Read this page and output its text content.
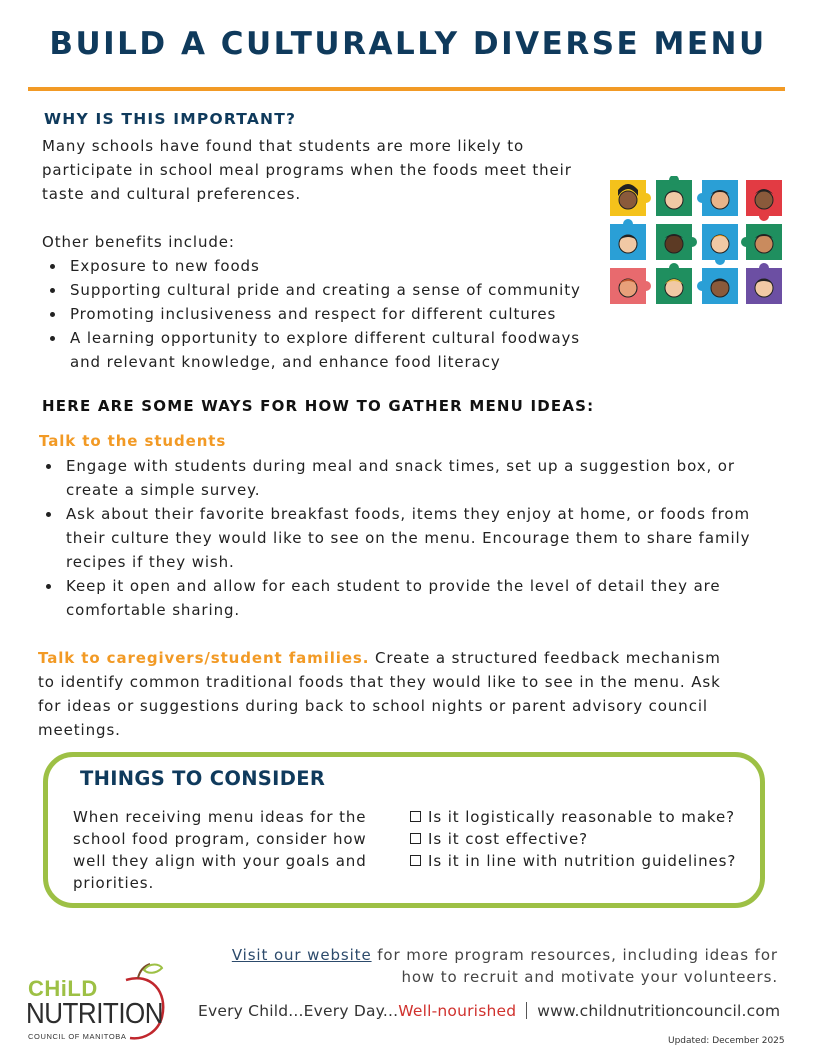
BUILD A CULTURALLY DIVERSE MENU
WHY IS THIS IMPORTANT?
Many schools have found that students are more likely to
participate in school meal programs when the foods meet their
taste and cultural preferences.
Other benefits include:
Exposure to new foods
Supporting cultural pride and creating a sense of community
Promoting inclusiveness and respect for different cultures
A learning opportunity to explore different cultural foodways and relevant knowledge, and enhance food literacy
HERE ARE SOME WAYS FOR HOW TO GATHER MENU IDEAS:
Talk to the students
Engage with students during meal and snack times, set up a suggestion box, or create a simple survey.
Ask about their favorite breakfast foods, items they enjoy at home, or foods from their culture they would like to see on the menu. Encourage them to share family recipes if they wish.
Keep it open and allow for each student to provide the level of detail they are comfortable sharing.
Talk to caregivers/student families. Create a structured feedback mechanism to identify common traditional foods that they would like to see in the menu. Ask for ideas or suggestions during back to school nights or parent advisory council meetings.
THINGS TO CONSIDER
When receiving menu ideas for the school food program, consider how well they align with your goals and priorities.
Is it logistically reasonable to make?
Is it cost effective?
Is it in line with nutrition guidelines?
Visit our website for more program resources, including ideas for how to recruit and motivate your volunteers.
CHiLD
NUTRITION
COUNCIL OF MANITOBA
Every Child...Every Day...Well-nourished www.childnutritioncouncil.com
Updated: December 2025
